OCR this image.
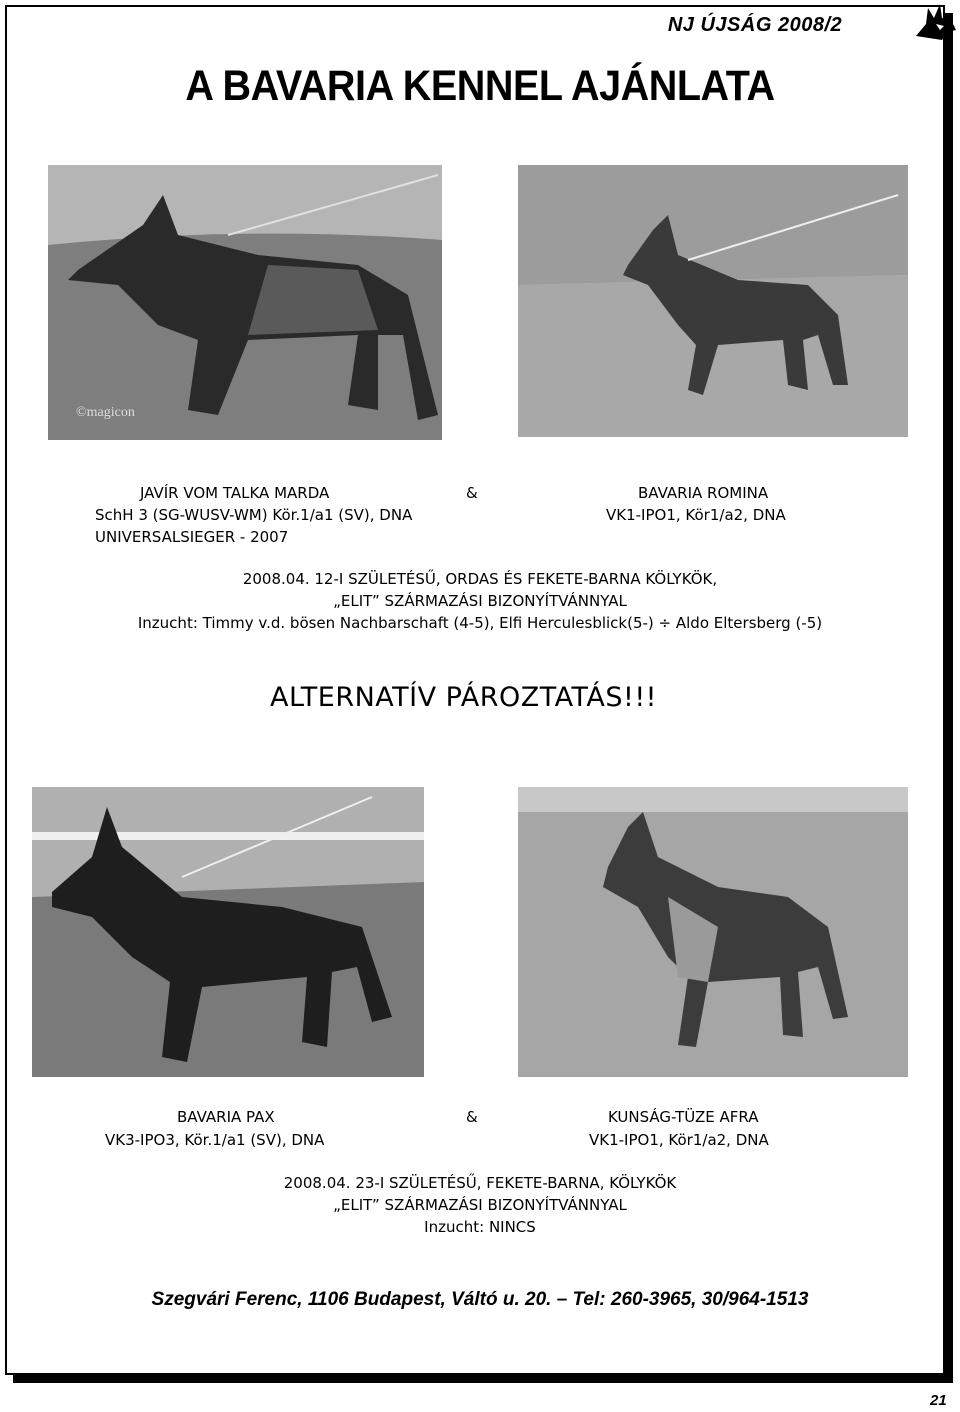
NJ ÚJSÁG 2008/2
A BAVARIA KENNEL AJÁNLATA
©magicon
JAVÍR VOM TALKA MARDA	&	BAVARIA ROMINA
SchH 3 (SG-WUSV-WM) Kör.1/a1 (SV), DNA	VK1-IPO1, Kör1/a2, DNA
UNIVERSALSIEGER - 2007
2008.04. 12-I SZÜLETÉSŰ, ORDAS ÉS FEKETE-BARNA KÖLYKÖK,
„ELIT” SZÁRMAZÁSI BIZONYÍTVÁNNYAL
Inzucht: Timmy v.d. bösen Nachbarschaft (4-5), Elfi Herculesblick(5-) ÷ Aldo Eltersberg (-5)
ALTERNATÍV PÁROZTATÁS!!!
BAVARIA PAX	&	KUNSÁG-TÜZE AFRA
VK3-IPO3, Kör.1/a1 (SV), DNA	VK1-IPO1, Kör1/a2, DNA
2008.04. 23-I SZÜLETÉSŰ, FEKETE-BARNA, KÖLYKÖK
„ELIT” SZÁRMAZÁSI BIZONYÍTVÁNNYAL
Inzucht: NINCS
Szegvári Ferenc, 1106 Budapest, Váltó u. 20. – Tel: 260-3965, 30/964-1513
21
